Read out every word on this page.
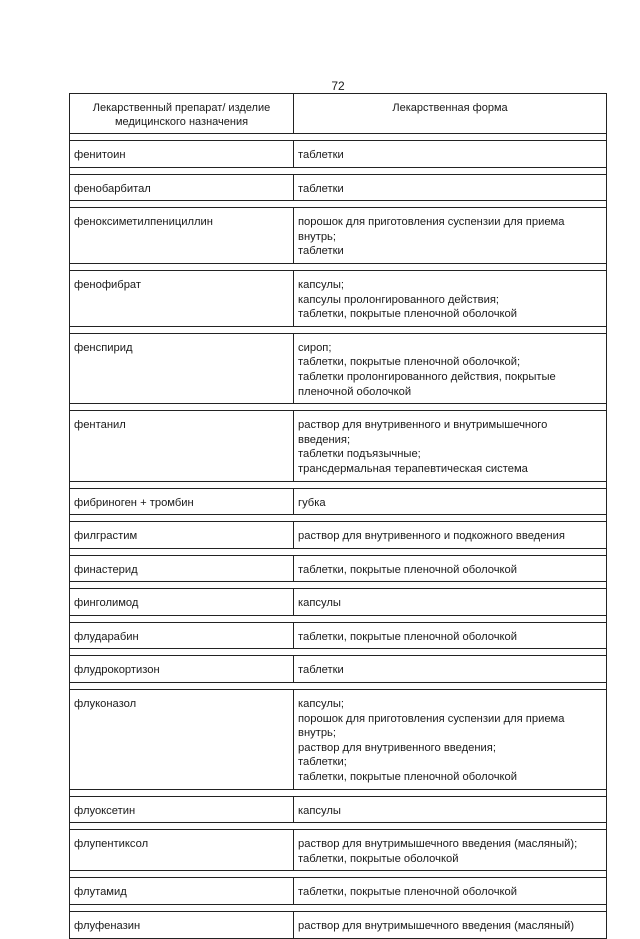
72
Лекарственный препарат/ изделие медицинского назначения	Лекарственная форма

фенитоин	таблетки

фенобарбитал	таблетки

феноксиметилпенициллин	порошок для приготовления суспензии для приема внутрь;
таблетки

фенофибрат	капсулы;
капсулы пролонгированного действия;
таблетки, покрытые пленочной оболочкой

фенспирид	сироп;
таблетки, покрытые пленочной оболочкой;
таблетки пролонгированного действия, покрытые пленочной оболочкой

фентанил	раствор для внутривенного и внутримышечного введения;
таблетки подъязычные;
трансдермальная терапевтическая система

фибриноген + тромбин	губка

филграстим	раствор для внутривенного и подкожного введения

финастерид	таблетки, покрытые пленочной оболочкой

финголимод	капсулы

флударабин	таблетки, покрытые пленочной оболочкой

флудрокортизон	таблетки

флуконазол	капсулы;
порошок для приготовления суспензии для приема внутрь;
раствор для внутривенного введения;
таблетки;
таблетки, покрытые пленочной оболочкой

флуоксетин	капсулы

флупентиксол	раствор для внутримышечного введения (масляный);
таблетки, покрытые оболочкой

флутамид	таблетки, покрытые пленочной оболочкой

флуфеназин	раствор для внутримышечного введения (масляный)
